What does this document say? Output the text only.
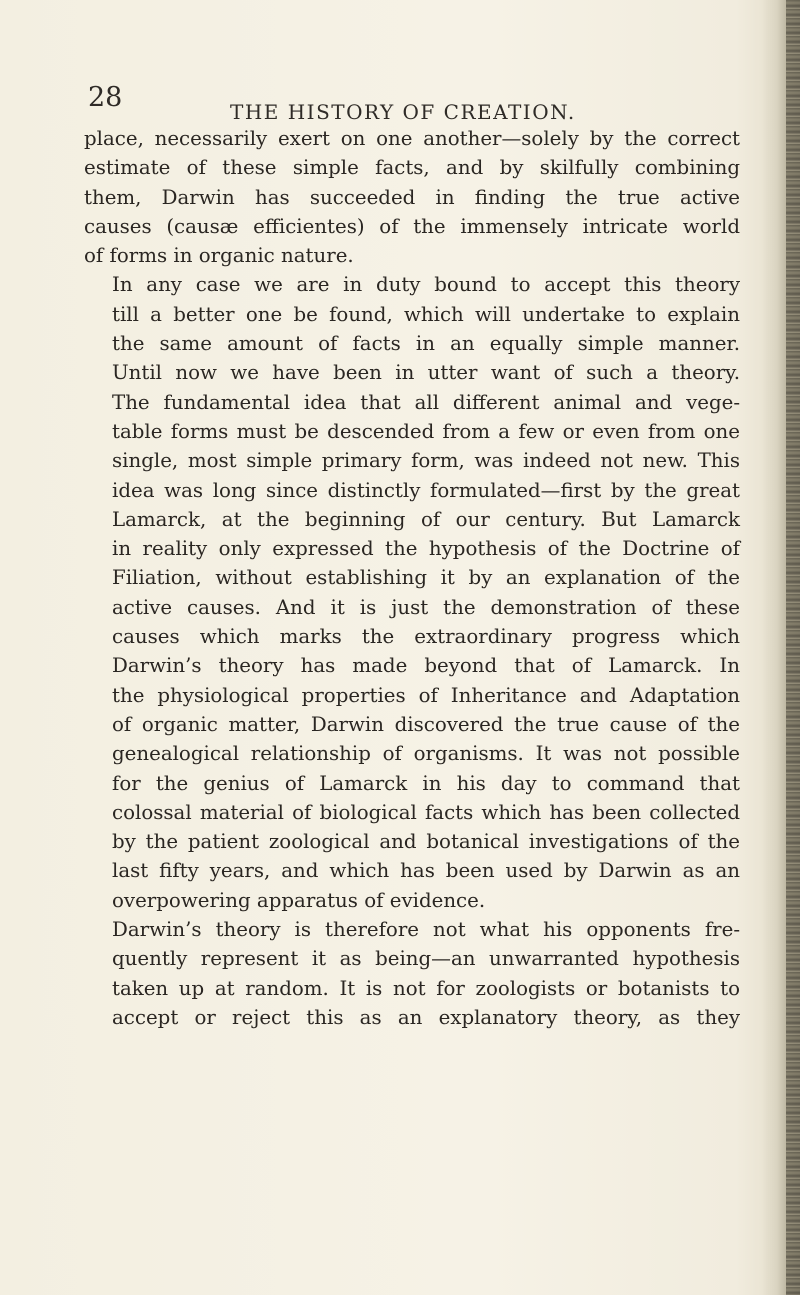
28	THE HISTORY OF CREATION.

place, necessarily exert on one another—solely by the correct
estimate of these simple facts, and by skilfully combining
them, Darwin has succeeded in finding the true active
causes (causæ efficientes) of the immensely intricate world
of forms in organic nature.

In any case we are in duty bound to accept this theory
till a better one be found, which will undertake to explain
the same amount of facts in an equally simple manner.
Until now we have been in utter want of such a theory.
The fundamental idea that all different animal and vege-
table forms must be descended from a few or even from one
single, most simple primary form, was indeed not new. This
idea was long since distinctly formulated—first by the great
Lamarck, at the beginning of our century. But Lamarck
in reality only expressed the hypothesis of the Doctrine of
Filiation, without establishing it by an explanation of the
active causes. And it is just the demonstration of these
causes which marks the extraordinary progress which
Darwin’s theory has made beyond that of Lamarck. In
the physiological properties of Inheritance and Adaptation
of organic matter, Darwin discovered the true cause of the
genealogical relationship of organisms. It was not possible
for the genius of Lamarck in his day to command that
colossal material of biological facts which has been collected
by the patient zoological and botanical investigations of the
last fifty years, and which has been used by Darwin as an
overpowering apparatus of evidence.

Darwin’s theory is therefore not what his opponents fre-
quently represent it as being—an unwarranted hypothesis
taken up at random. It is not for zoologists or botanists to
accept or reject this as an explanatory theory, as they
